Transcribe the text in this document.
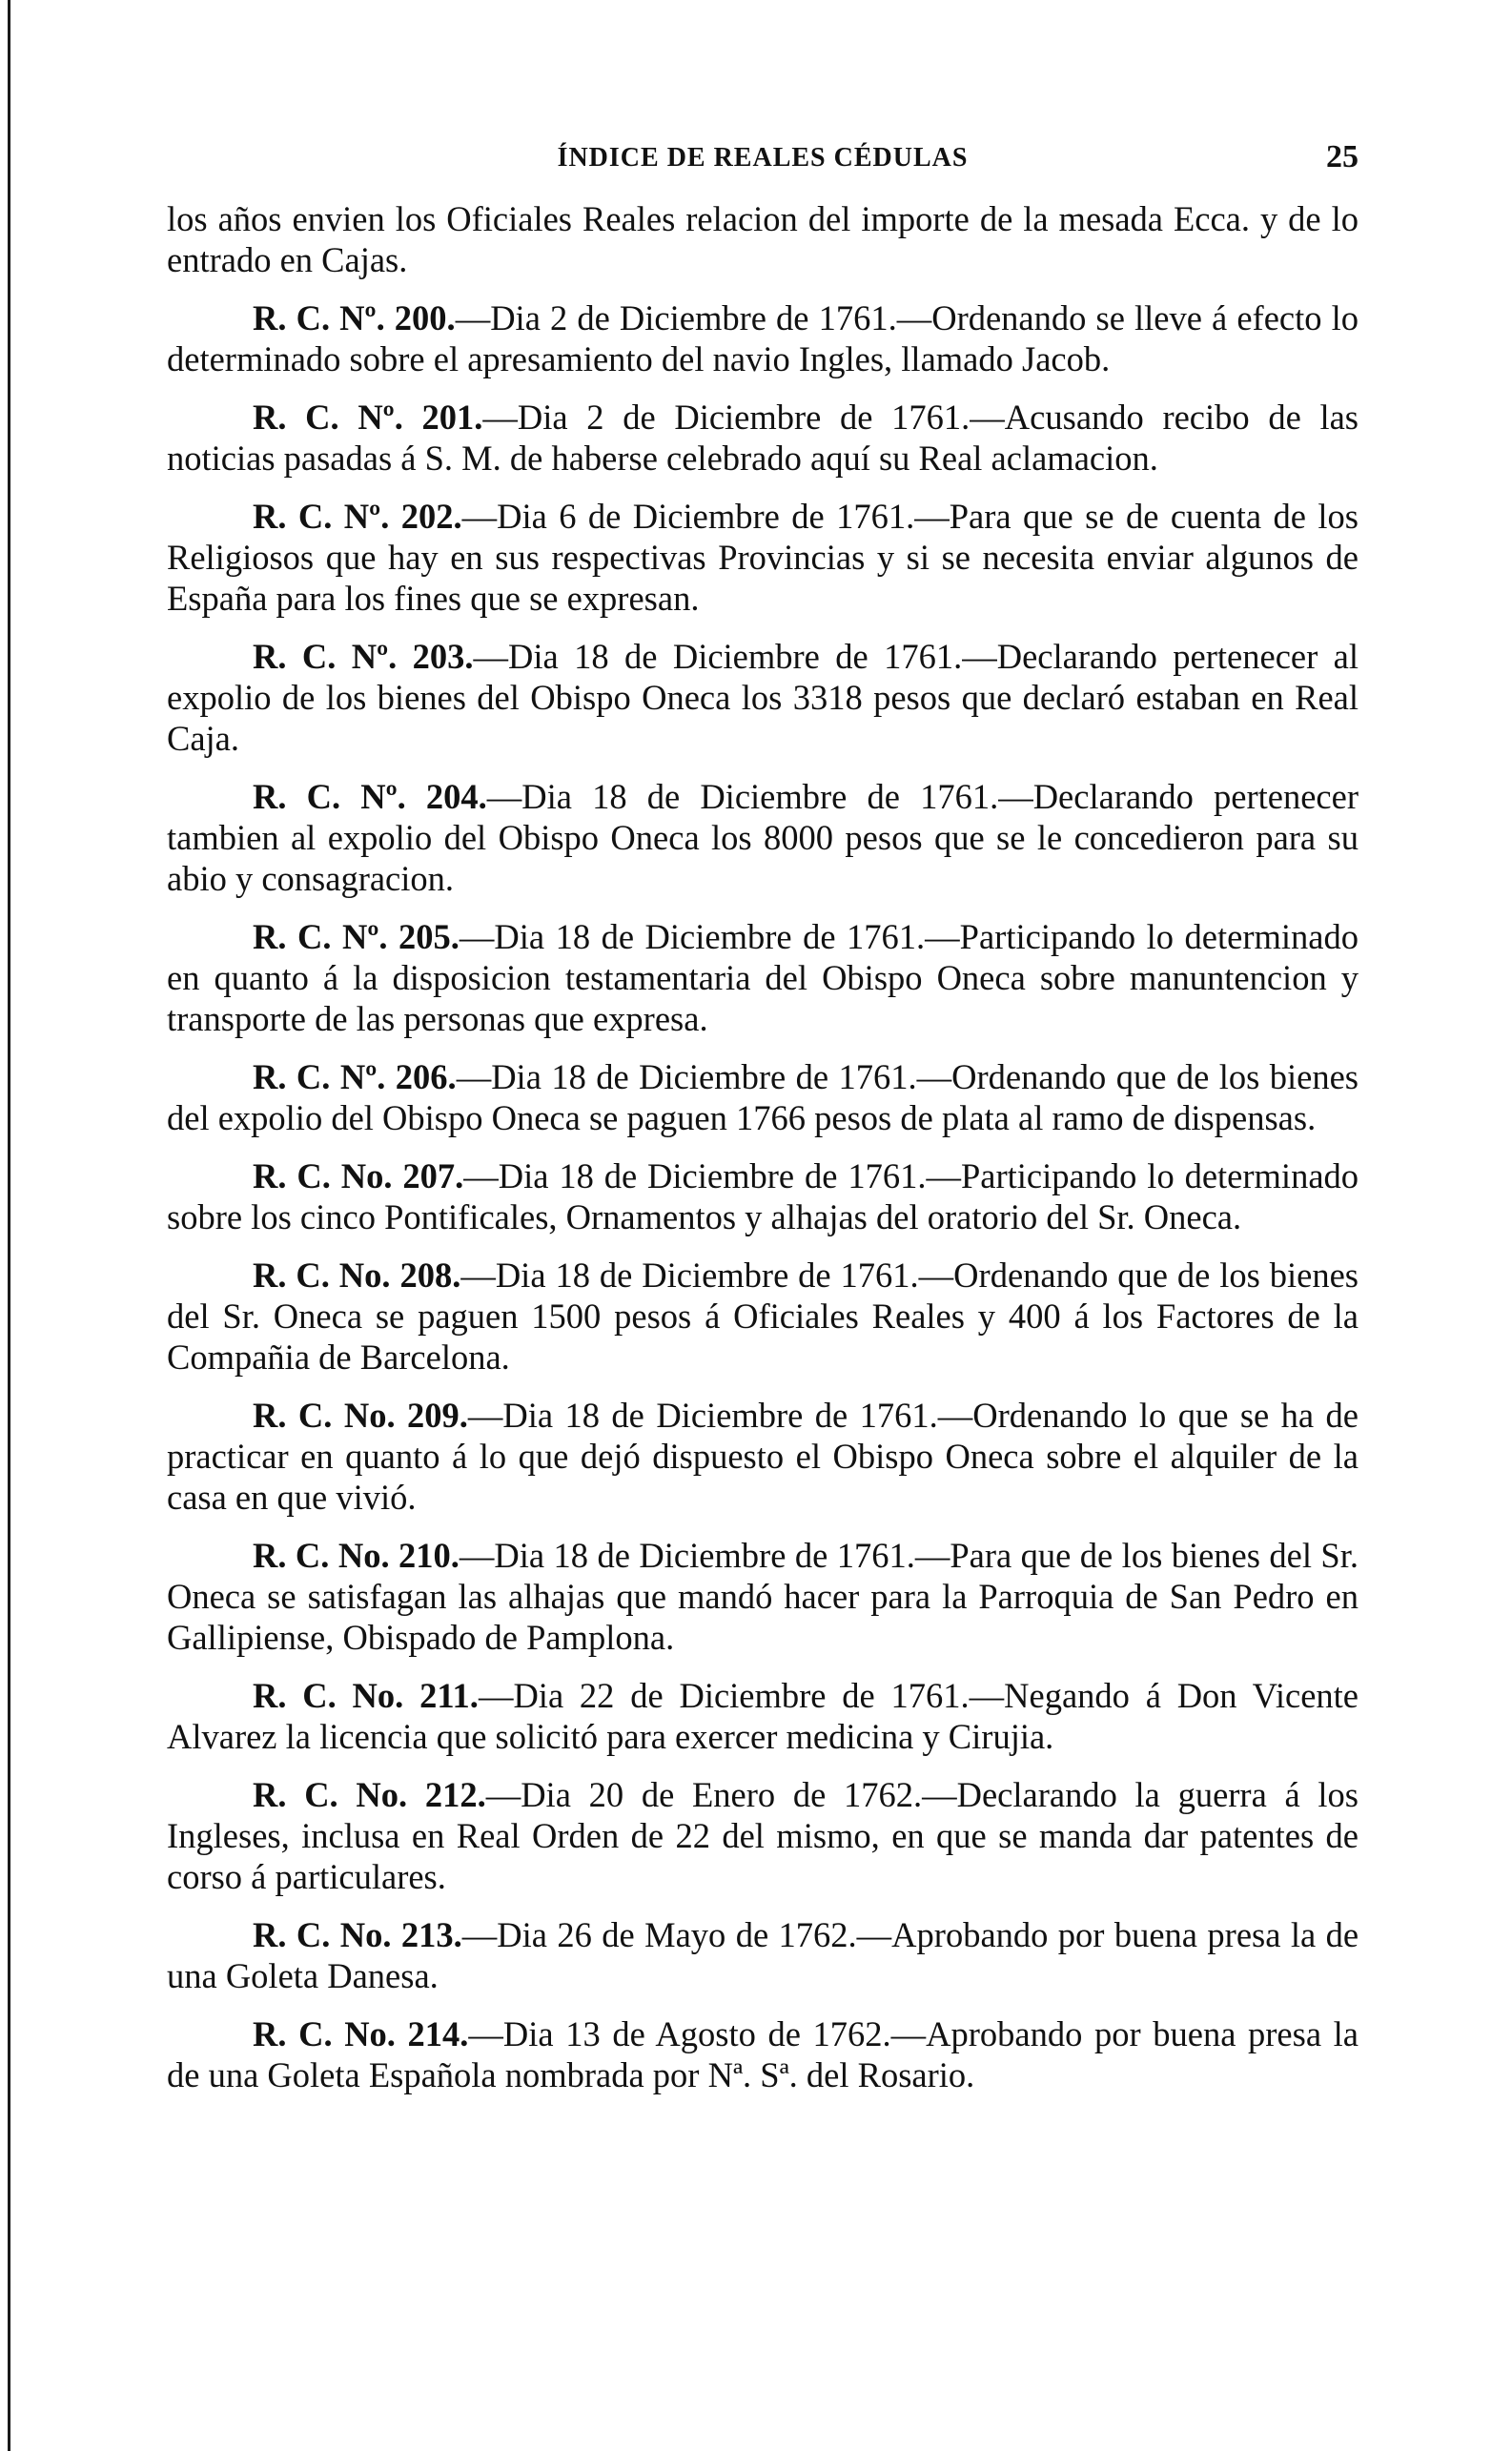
ÍNDICE DE REALES CÉDULAS	25

los años envien los Oficiales Reales relacion del importe de la mesada Ecca. y de lo entrado en Cajas.

R. C. Nº. 200.—Dia 2 de Diciembre de 1761.—Ordenando se lleve á efecto lo determinado sobre el apresamiento del navio Ingles, llamado Jacob.

R. C. Nº. 201.—Dia 2 de Diciembre de 1761.—Acusando recibo de las noticias pasadas á S. M. de haberse celebrado aquí su Real aclamacion.

R. C. Nº. 202.—Dia 6 de Diciembre de 1761.—Para que se de cuenta de los Religiosos que hay en sus respectivas Provincias y si se necesita enviar algunos de España para los fines que se expresan.

R. C. Nº. 203.—Dia 18 de Diciembre de 1761.—Declarando pertenecer al expolio de los bienes del Obispo Oneca los 3318 pesos que declaró estaban en Real Caja.

R. C. Nº. 204.—Dia 18 de Diciembre de 1761.—Declarando pertenecer tambien al expolio del Obispo Oneca los 8000 pesos que se le concedieron para su abio y consagracion.

R. C. Nº. 205.—Dia 18 de Diciembre de 1761.—Participando lo determinado en quanto á la disposicion testamentaria del Obispo Oneca sobre manuntencion y transporte de las personas que expresa.

R. C. Nº. 206.—Dia 18 de Diciembre de 1761.—Ordenando que de los bienes del expolio del Obispo Oneca se paguen 1766 pesos de plata al ramo de dispensas.

R. C. No. 207.—Dia 18 de Diciembre de 1761.—Participando lo determinado sobre los cinco Pontificales, Ornamentos y alhajas del oratorio del Sr. Oneca.

R. C. No. 208.—Dia 18 de Diciembre de 1761.—Ordenando que de los bienes del Sr. Oneca se paguen 1500 pesos á Oficiales Reales y 400 á los Factores de la Compañia de Barcelona.

R. C. No. 209.—Dia 18 de Diciembre de 1761.—Ordenando lo que se ha de practicar en quanto á lo que dejó dispuesto el Obispo Oneca sobre el alquiler de la casa en que vivió.

R. C. No. 210.—Dia 18 de Diciembre de 1761.—Para que de los bienes del Sr. Oneca se satisfagan las alhajas que mandó hacer para la Parroquia de San Pedro en Gallipiense, Obispado de Pamplona.

R. C. No. 211.—Dia 22 de Diciembre de 1761.—Negando á Don Vicente Alvarez la licencia que solicitó para exercer medicina y Cirujia.

R. C. No. 212.—Dia 20 de Enero de 1762.—Declarando la guerra á los Ingleses, inclusa en Real Orden de 22 del mismo, en que se manda dar patentes de corso á particulares.

R. C. No. 213.—Dia 26 de Mayo de 1762.—Aprobando por buena presa la de una Goleta Danesa.

R. C. No. 214.—Dia 13 de Agosto de 1762.—Aprobando por buena presa la de una Goleta Española nombrada por Nª. Sª. del Rosario.
